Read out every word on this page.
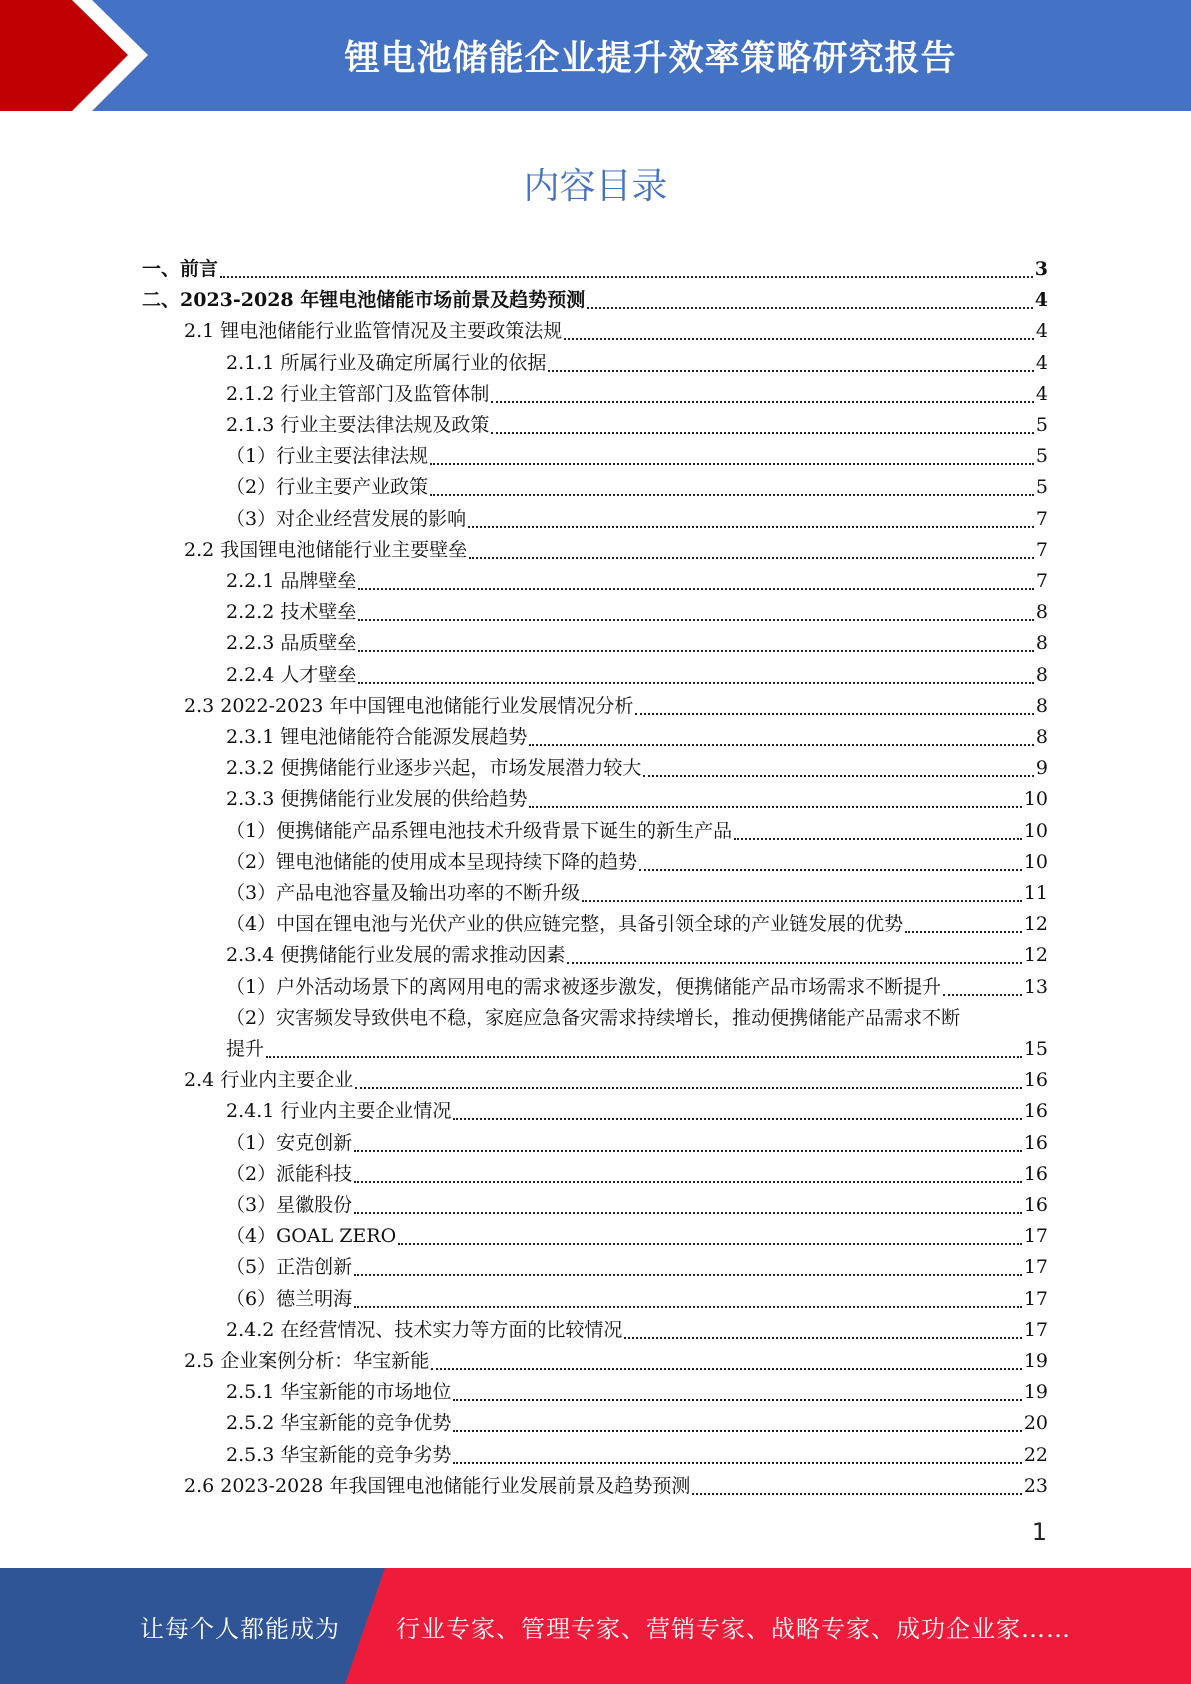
锂电池储能企业提升效率策略研究报告
内容目录
一、前言	3
二、2023-2028 年锂电池储能市场前景及趋势预测	4
2.1 锂电池储能行业监管情况及主要政策法规	4
2.1.1 所属行业及确定所属行业的依据	4
2.1.2 行业主管部门及监管体制	4
2.1.3 行业主要法律法规及政策	5
（1）行业主要法律法规	5
（2）行业主要产业政策	5
（3）对企业经营发展的影响	7
2.2 我国锂电池储能行业主要壁垒	7
2.2.1 品牌壁垒	7
2.2.2 技术壁垒	8
2.2.3 品质壁垒	8
2.2.4 人才壁垒	8
2.3 2022-2023 年中国锂电池储能行业发展情况分析	8
2.3.1 锂电池储能符合能源发展趋势	8
2.3.2 便携储能行业逐步兴起，市场发展潜力较大	9
2.3.3 便携储能行业发展的供给趋势	10
（1）便携储能产品系锂电池技术升级背景下诞生的新生产品	10
（2）锂电池储能的使用成本呈现持续下降的趋势	10
（3）产品电池容量及输出功率的不断升级	11
（4）中国在锂电池与光伏产业的供应链完整，具备引领全球的产业链发展的优势	12
2.3.4 便携储能行业发展的需求推动因素	12
（1）户外活动场景下的离网用电的需求被逐步激发，便携储能产品市场需求不断提升	13
（2）灾害频发导致供电不稳，家庭应急备灾需求持续增长，推动便携储能产品需求不断
提升	15
2.4 行业内主要企业	16
2.4.1 行业内主要企业情况	16
（1）安克创新	16
（2）派能科技	16
（3）星徽股份	16
（4）GOAL ZERO	17
（5）正浩创新	17
（6）德兰明海	17
2.4.2 在经营情况、技术实力等方面的比较情况	17
2.5 企业案例分析：华宝新能	19
2.5.1 华宝新能的市场地位	19
2.5.2 华宝新能的竞争优势	20
2.5.3 华宝新能的竞争劣势	22
2.6 2023-2028 年我国锂电池储能行业发展前景及趋势预测	23
1
让每个人都能成为 行业专家、管理专家、营销专家、战略专家、成功企业家……
